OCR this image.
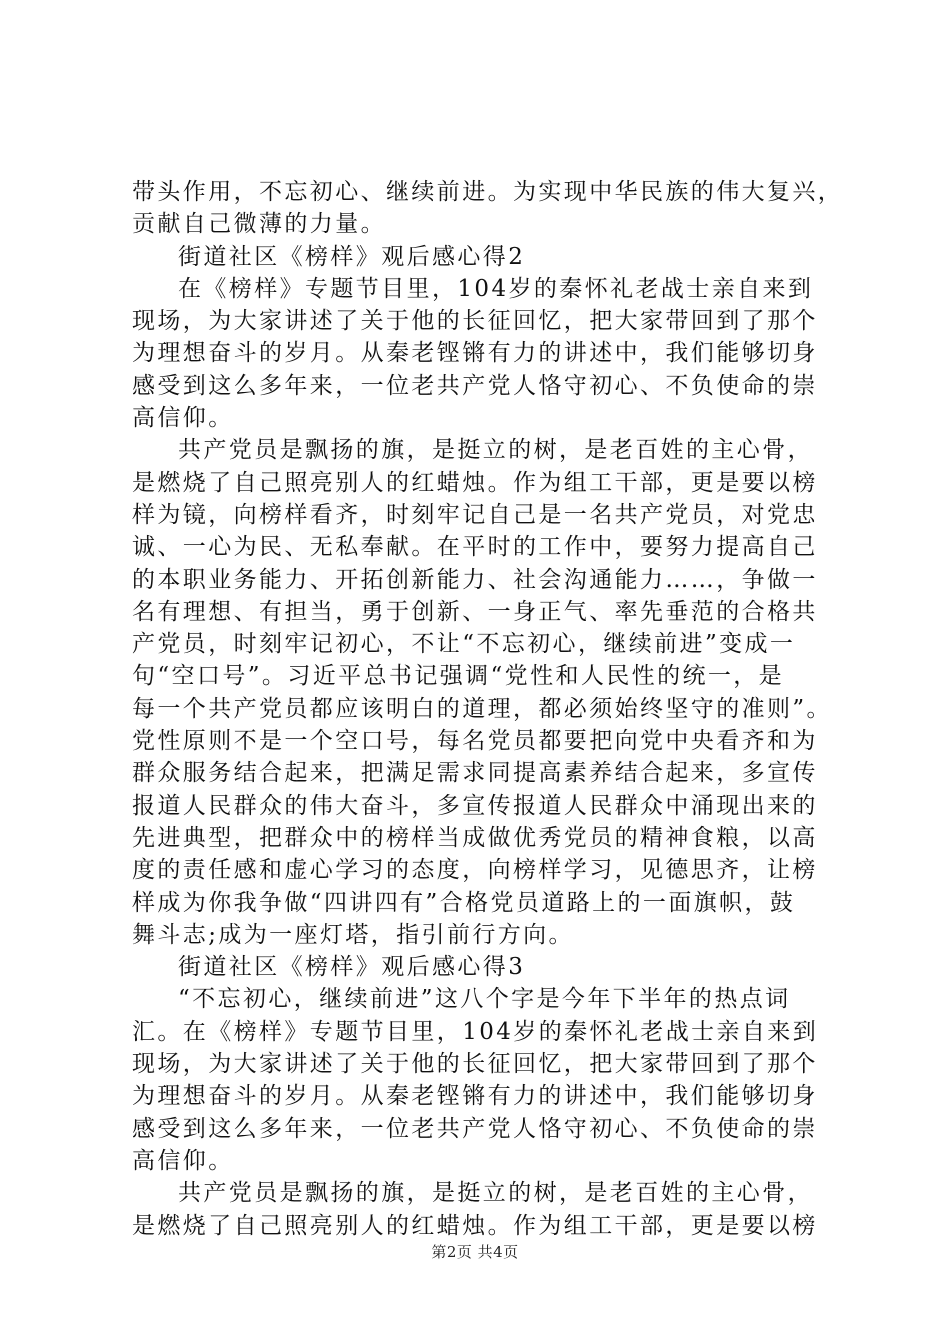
带头作用，不忘初心、继续前进。为实现中华民族的伟大复兴，
贡献自己微薄的力量。
街道社区《榜样》观后感心得2
在《榜样》专题节目里，104岁的秦怀礼老战士亲自来到
现场，为大家讲述了关于他的长征回忆，把大家带回到了那个
为理想奋斗的岁月。从秦老铿锵有力的讲述中，我们能够切身
感受到这么多年来，一位老共产党人恪守初心、不负使命的崇
高信仰。
共产党员是飘扬的旗，是挺立的树，是老百姓的主心骨，
是燃烧了自己照亮别人的红蜡烛。作为组工干部，更是要以榜
样为镜，向榜样看齐，时刻牢记自己是一名共产党员，对党忠
诚、一心为民、无私奉献。在平时的工作中，要努力提高自己
的本职业务能力、开拓创新能力、社会沟通能力……，争做一
名有理想、有担当，勇于创新、一身正气、率先垂范的合格共
产党员，时刻牢记初心，不让“不忘初心，继续前进”变成一
句“空口号”。习近平总书记强调“党性和人民性的统一，是
每一个共产党员都应该明白的道理，都必须始终坚守的准则”。
党性原则不是一个空口号，每名党员都要把向党中央看齐和为
群众服务结合起来，把满足需求同提高素养结合起来，多宣传
报道人民群众的伟大奋斗，多宣传报道人民群众中涌现出来的
先进典型，把群众中的榜样当成做优秀党员的精神食粮，以高
度的责任感和虚心学习的态度，向榜样学习，见德思齐，让榜
样成为你我争做“四讲四有”合格党员道路上的一面旗帜，鼓
舞斗志;成为一座灯塔，指引前行方向。
街道社区《榜样》观后感心得3
“不忘初心，继续前进”这八个字是今年下半年的热点词
汇。在《榜样》专题节目里，104岁的秦怀礼老战士亲自来到
现场，为大家讲述了关于他的长征回忆，把大家带回到了那个
为理想奋斗的岁月。从秦老铿锵有力的讲述中，我们能够切身
感受到这么多年来，一位老共产党人恪守初心、不负使命的崇
高信仰。
共产党员是飘扬的旗，是挺立的树，是老百姓的主心骨，
是燃烧了自己照亮别人的红蜡烛。作为组工干部，更是要以榜
第2页 共4页
